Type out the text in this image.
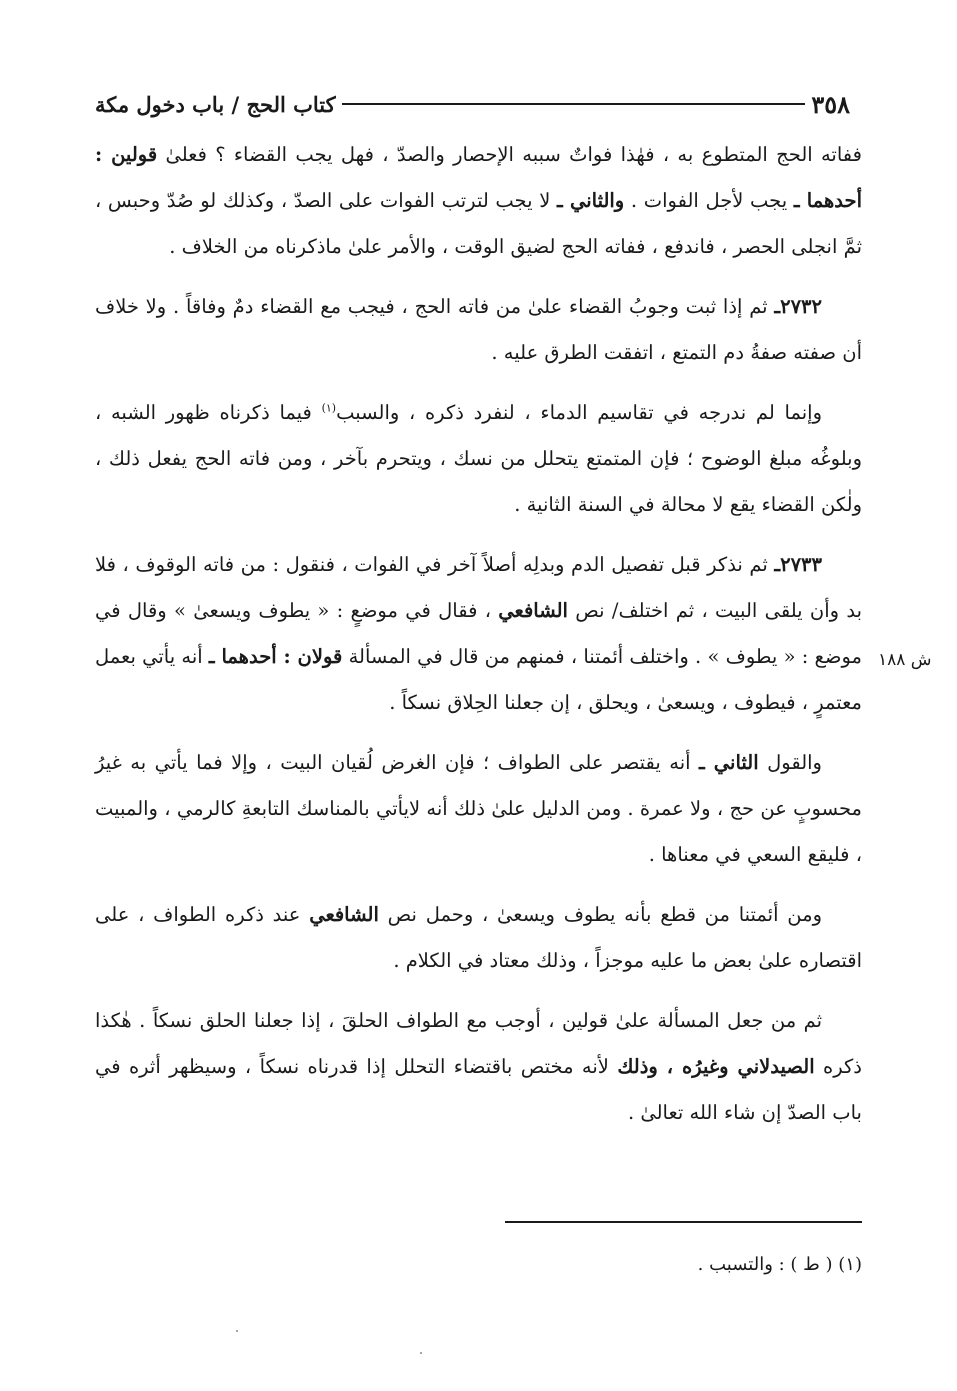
٣٥٨
كتاب الحج / باب دخول مكة
ش ١٨٨

ففاته الحج المتطوع به ، فهٰذا فواتٌ سببه الإحصار والصدّ ، فهل يجب القضاء ؟ فعلىٰ قولين : أحدهما ـ يجب لأجل الفوات . والثاني ـ لا يجب لترتب الفوات على الصدّ ، وكذلك لو صُدّ وحبس ، ثمَّ انجلى الحصر ، فاندفع ، ففاته الحج لضيق الوقت ، والأمر علىٰ ماذكرناه من الخلاف .

٢٧٣٢ـ ثم إذا ثبت وجوبُ القضاء علىٰ من فاته الحج ، فيجب مع القضاء دمٌ وفاقاً . ولا خلاف أن صفته صفةُ دم التمتع ، اتفقت الطرق عليه .

وإنما لم ندرجه في تقاسيم الدماء ، لنفرد ذكره ، والسبب$^{(١)}$ فيما ذكرناه ظهور الشبه ، وبلوغُه مبلغ الوضوح ؛ فإن المتمتع يتحلل من نسك ، ويتحرم بآخر ، ومن فاته الحج يفعل ذلك ، ولٰكن القضاء يقع لا محالة في السنة الثانية .

٢٧٣٣ـ ثم نذكر قبل تفصيل الدم وبدلِه أصلاً آخر في الفوات ، فنقول : من فاته الوقوف ، فلا بد وأن يلقى البيت ، ثم اختلف/ نص الشافعي ، فقال في موضعٍ : « يطوف ويسعىٰ » وقال في موضع : « يطوف » . واختلف أئمتنا ، فمنهم من قال في المسألة قولان : أحدهما ـ أنه يأتي بعمل معتمرٍ ، فيطوف ، ويسعىٰ ، ويحلق ، إن جعلنا الحِلاق نسكاً .

والقول الثاني ـ أنه يقتصر على الطواف ؛ فإن الغرض لُقيان البيت ، وإلا فما يأتي به غيرُ محسوبٍ عن حج ، ولا عمرة . ومن الدليل علىٰ ذلك أنه لايأتي بالمناسك التابعةِ كالرمي ، والمبيت ، فليقع السعي في معناها .

ومن أئمتنا من قطع بأنه يطوف ويسعىٰ ، وحمل نص الشافعي عند ذكره الطواف ، على اقتصاره علىٰ بعض ما عليه موجزاً ، وذلك معتاد في الكلام .

ثم من جعل المسألة علىٰ قولين ، أوجب مع الطواف الحلقَ ، إذا جعلنا الحلق نسكاً . هٰكذا ذكره الصيدلاني وغيرُه ، وذلك لأنه مختص باقتضاء التحلل إذا قدرناه نسكاً ، وسيظهر أثره في باب الصدّ إن شاء الله تعالىٰ .

(١) ( ط ) : والتسبب .
